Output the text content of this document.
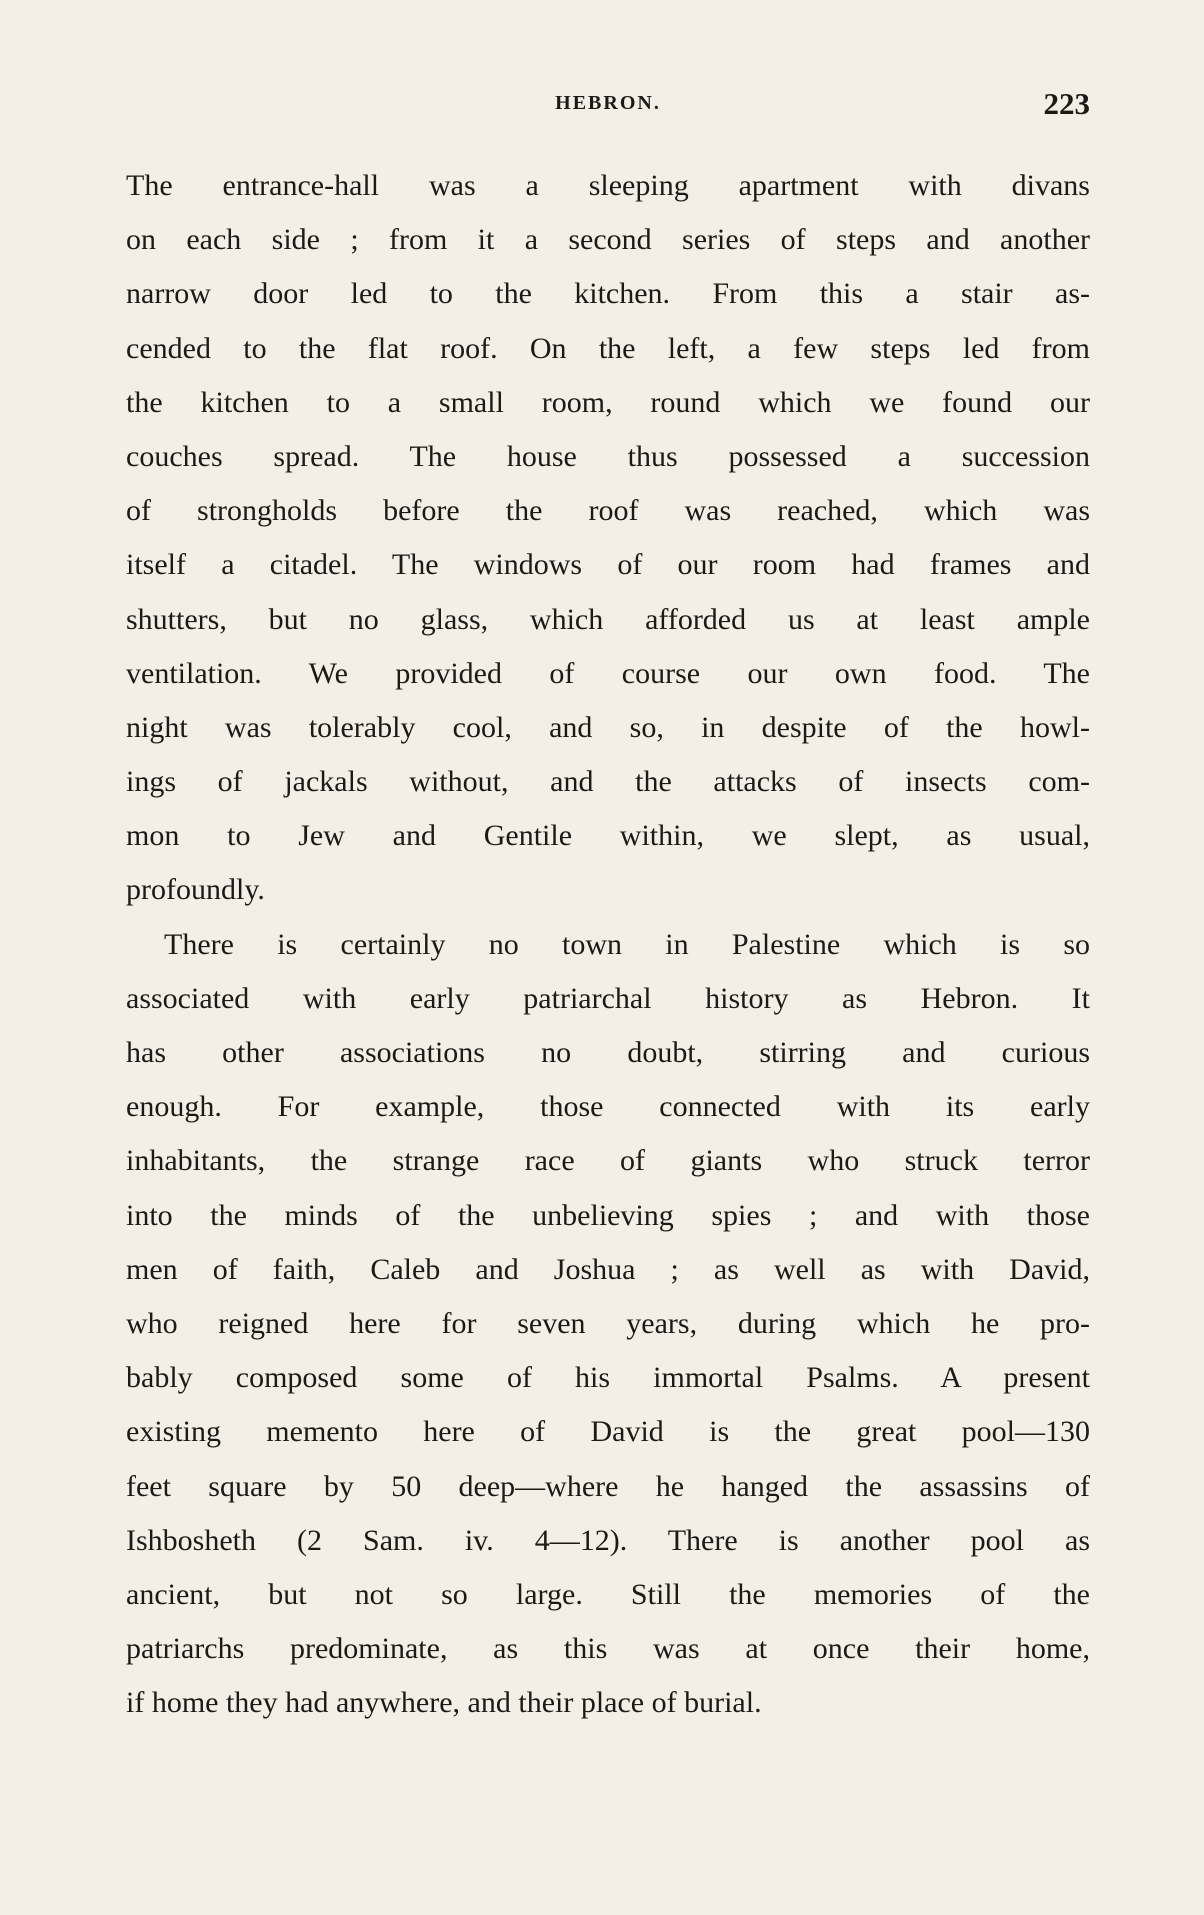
HEBRON.	223
The entrance-hall was a sleeping apartment with divans
on each side ; from it a second series of steps and another
narrow door led to the kitchen. From this a stair as-
cended to the flat roof. On the left, a few steps led from
the kitchen to a small room, round which we found our
couches spread. The house thus possessed a succession
of strongholds before the roof was reached, which was
itself a citadel. The windows of our room had frames and
shutters, but no glass, which afforded us at least ample
ventilation. We provided of course our own food. The
night was tolerably cool, and so, in despite of the howl-
ings of jackals without, and the attacks of insects com-
mon to Jew and Gentile within, we slept, as usual,
profoundly.
There is certainly no town in Palestine which is so
associated with early patriarchal history as Hebron. It
has other associations no doubt, stirring and curious
enough. For example, those connected with its early
inhabitants, the strange race of giants who struck terror
into the minds of the unbelieving spies ; and with those
men of faith, Caleb and Joshua ; as well as with David,
who reigned here for seven years, during which he pro-
bably composed some of his immortal Psalms. A present
existing memento here of David is the great pool—130
feet square by 50 deep—where he hanged the assassins of
Ishbosheth (2 Sam. iv. 4—12). There is another pool as
ancient, but not so large. Still the memories of the
patriarchs predominate, as this was at once their home,
if home they had anywhere, and their place of burial.
